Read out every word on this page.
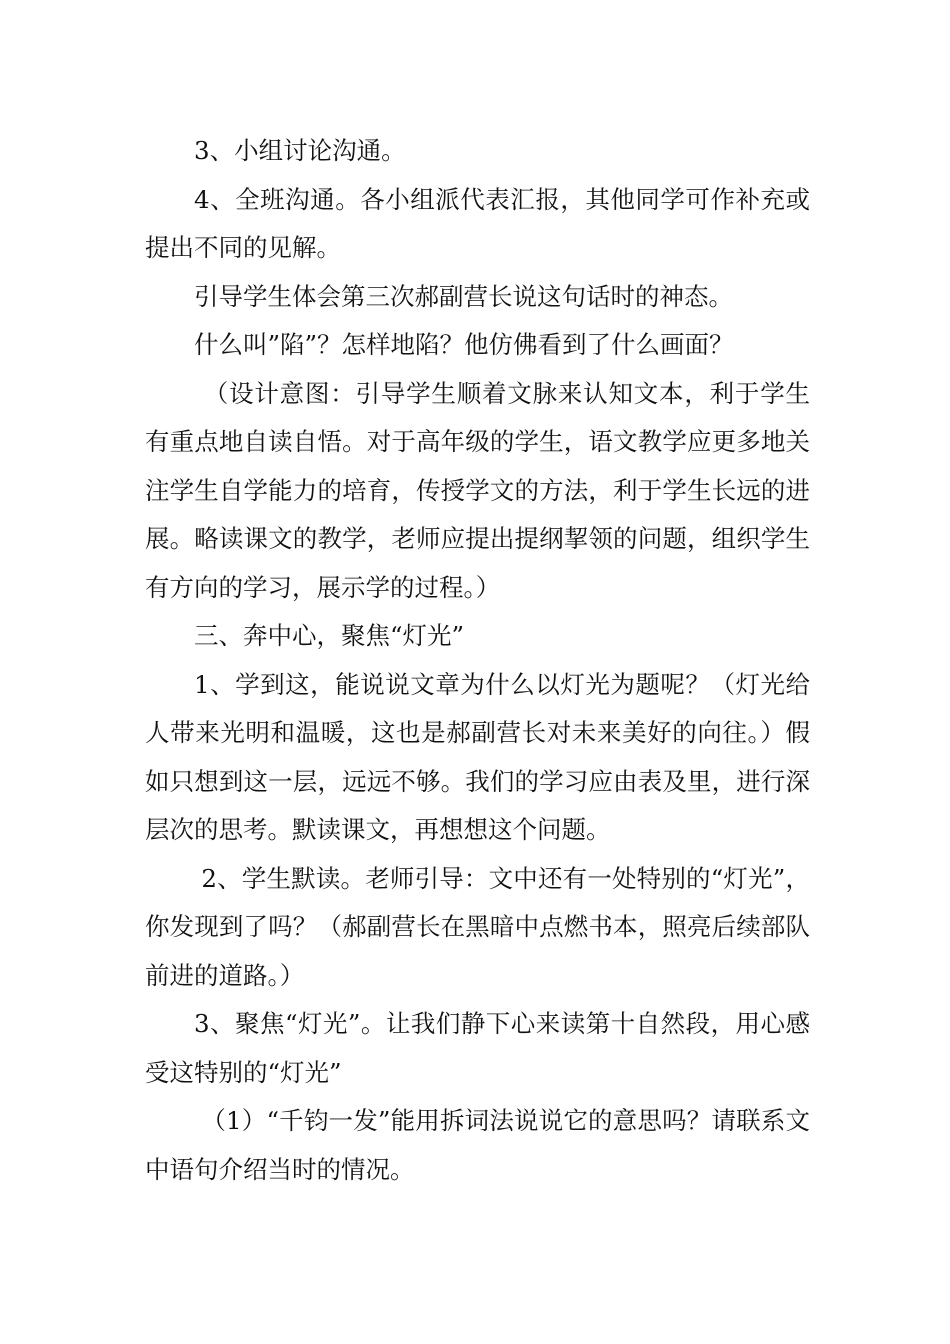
3、小组讨论沟通。

4、全班沟通。各小组派代表汇报，其他同学可作补充或提出不同的见解。

引导学生体会第三次郝副营长说这句话时的神态。

什么叫”陷”？怎样地陷？他仿佛看到了什么画面？

（设计意图：引导学生顺着文脉来认知文本，利于学生有重点地自读自悟。对于高年级的学生，语文教学应更多地关注学生自学能力的培育，传授学文的方法，利于学生长远的进展。略读课文的教学，老师应提出提纲挈领的问题，组织学生有方向的学习，展示学的过程。）

三、奔中心，聚焦“灯光”

1、学到这，能说说文章为什么以灯光为题呢？（灯光给人带来光明和温暖，这也是郝副营长对未来美好的向往。）假如只想到这一层，远远不够。我们的学习应由表及里，进行深层次的思考。默读课文，再想想这个问题。

2、学生默读。老师引导：文中还有一处特别的“灯光”，你发现到了吗？（郝副营长在黑暗中点燃书本，照亮后续部队前进的道路。）

3、聚焦“灯光”。让我们静下心来读第十自然段，用心感受这特别的“灯光”

（1）“千钧一发”能用拆词法说说它的意思吗？请联系文中语句介绍当时的情况。
